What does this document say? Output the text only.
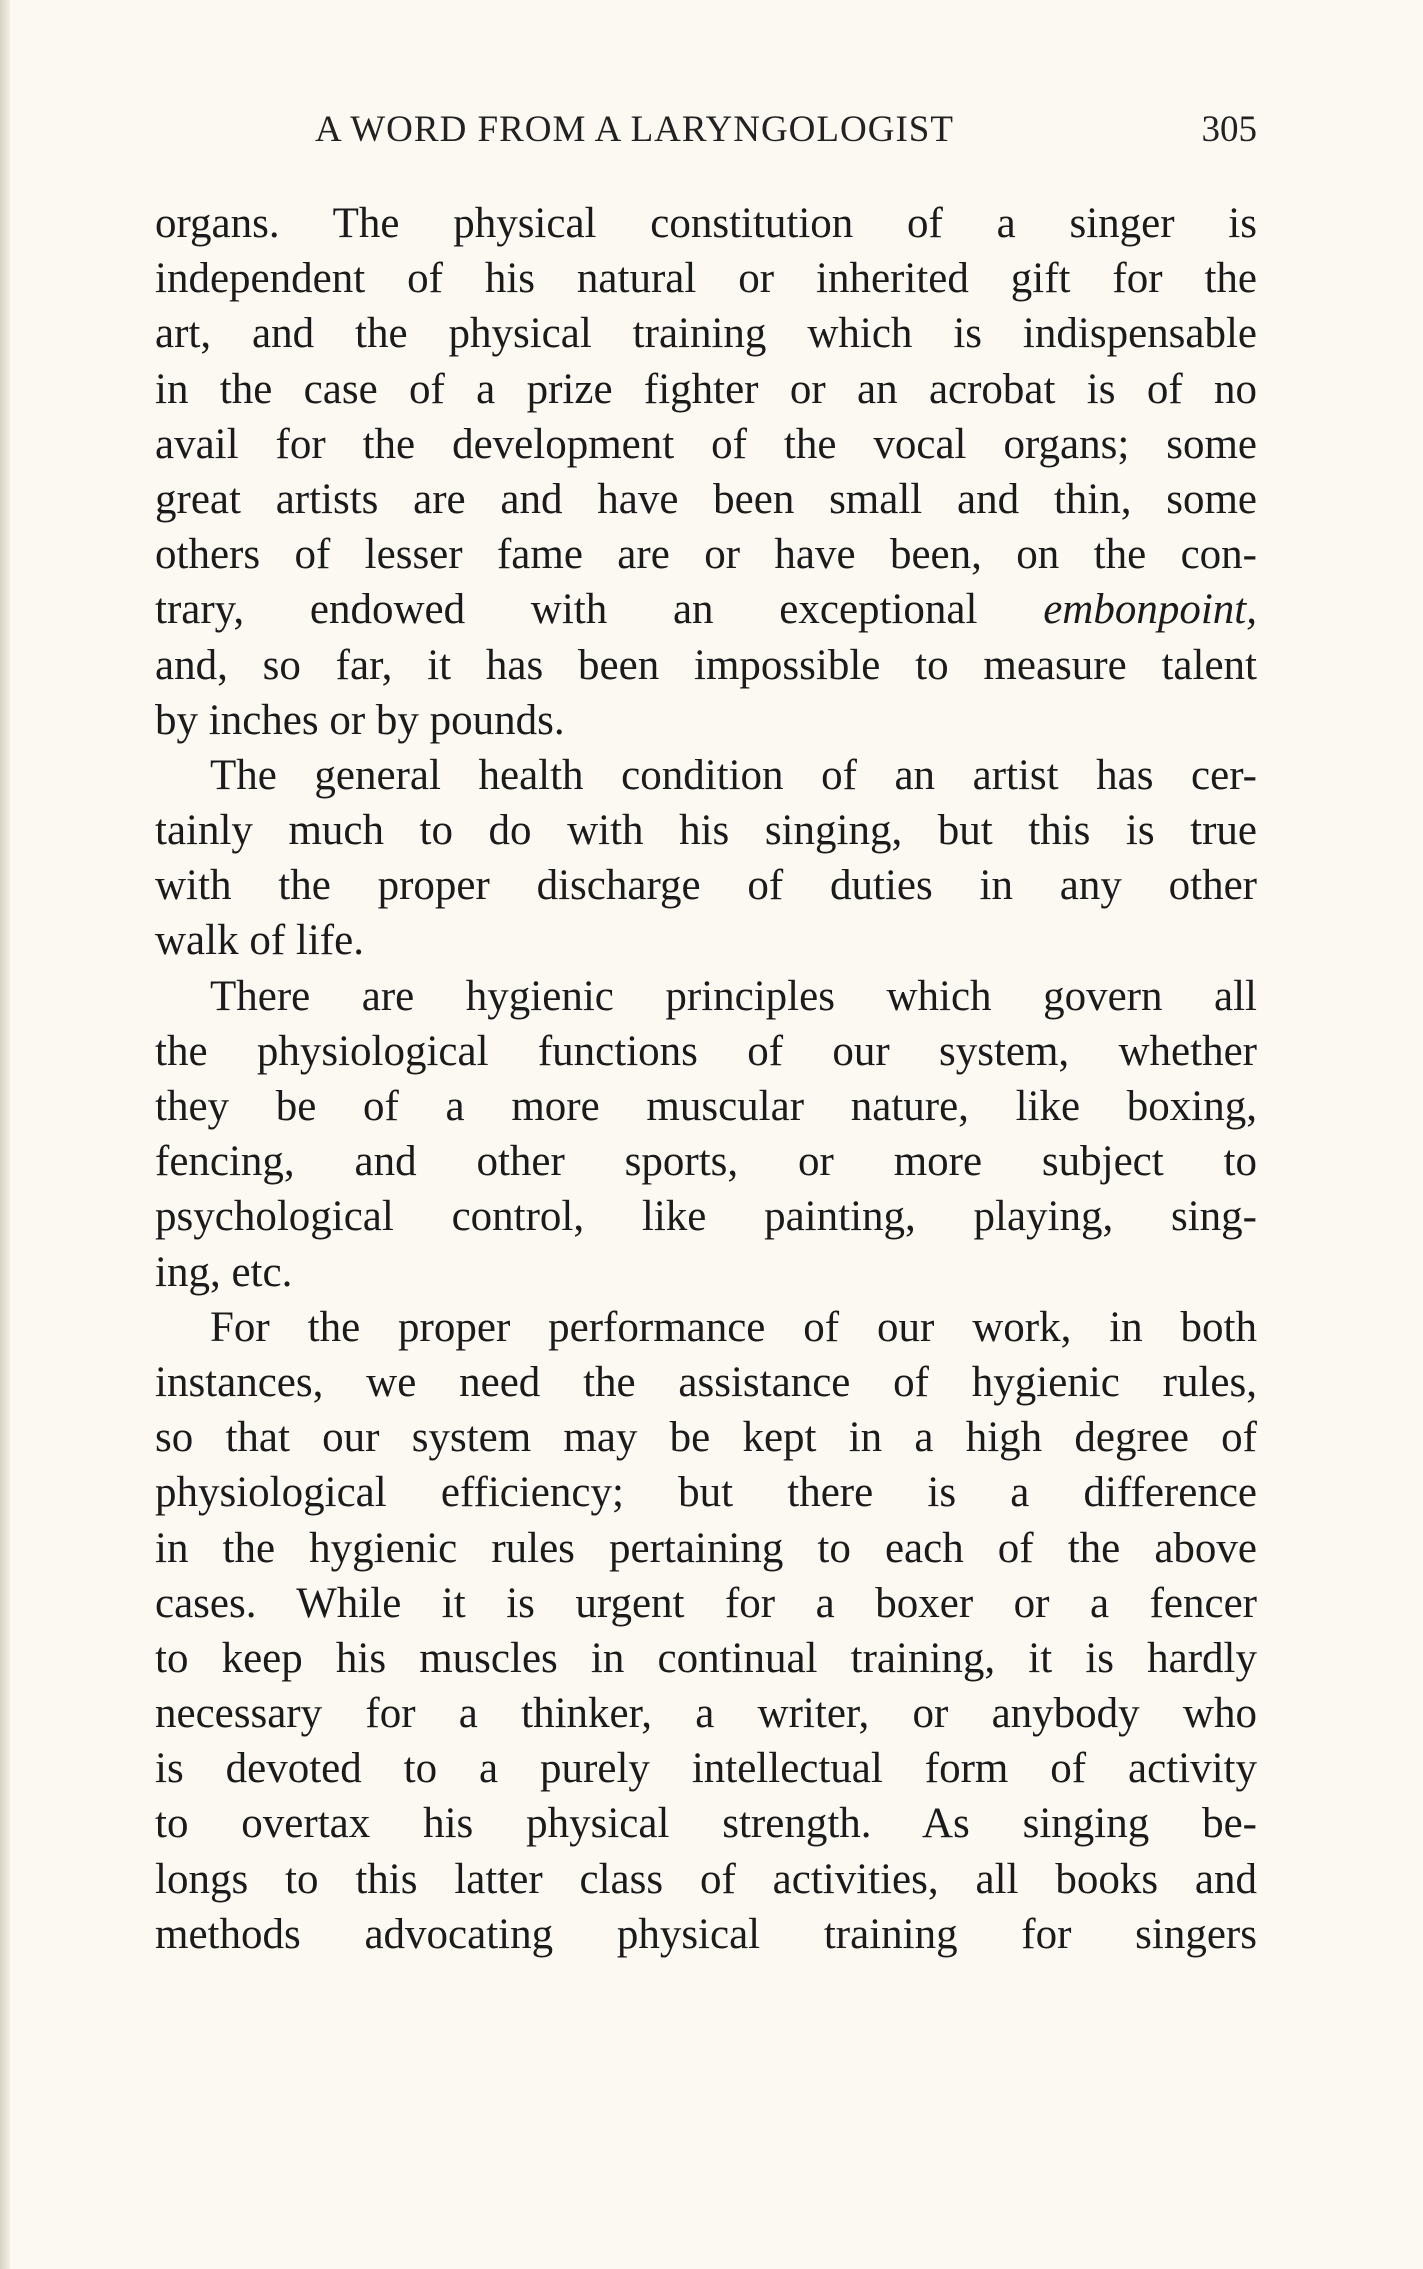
A WORD FROM A LARYNGOLOGIST	305
organs. The physical constitution of a singer is
independent of his natural or inherited gift for the
art, and the physical training which is indispensable
in the case of a prize fighter or an acrobat is of no
avail for the development of the vocal organs; some
great artists are and have been small and thin, some
others of lesser fame are or have been, on the con-
trary, endowed with an exceptional embonpoint,
and, so far, it has been impossible to measure talent
by inches or by pounds.
The general health condition of an artist has cer-
tainly much to do with his singing, but this is true
with the proper discharge of duties in any other
walk of life.
There are hygienic principles which govern all
the physiological functions of our system, whether
they be of a more muscular nature, like boxing,
fencing, and other sports, or more subject to
psychological control, like painting, playing, sing-
ing, etc.
For the proper performance of our work, in both
instances, we need the assistance of hygienic rules,
so that our system may be kept in a high degree of
physiological efficiency; but there is a difference
in the hygienic rules pertaining to each of the above
cases. While it is urgent for a boxer or a fencer
to keep his muscles in continual training, it is hardly
necessary for a thinker, a writer, or anybody who
is devoted to a purely intellectual form of activity
to overtax his physical strength. As singing be-
longs to this latter class of activities, all books and
methods advocating physical training for singers
